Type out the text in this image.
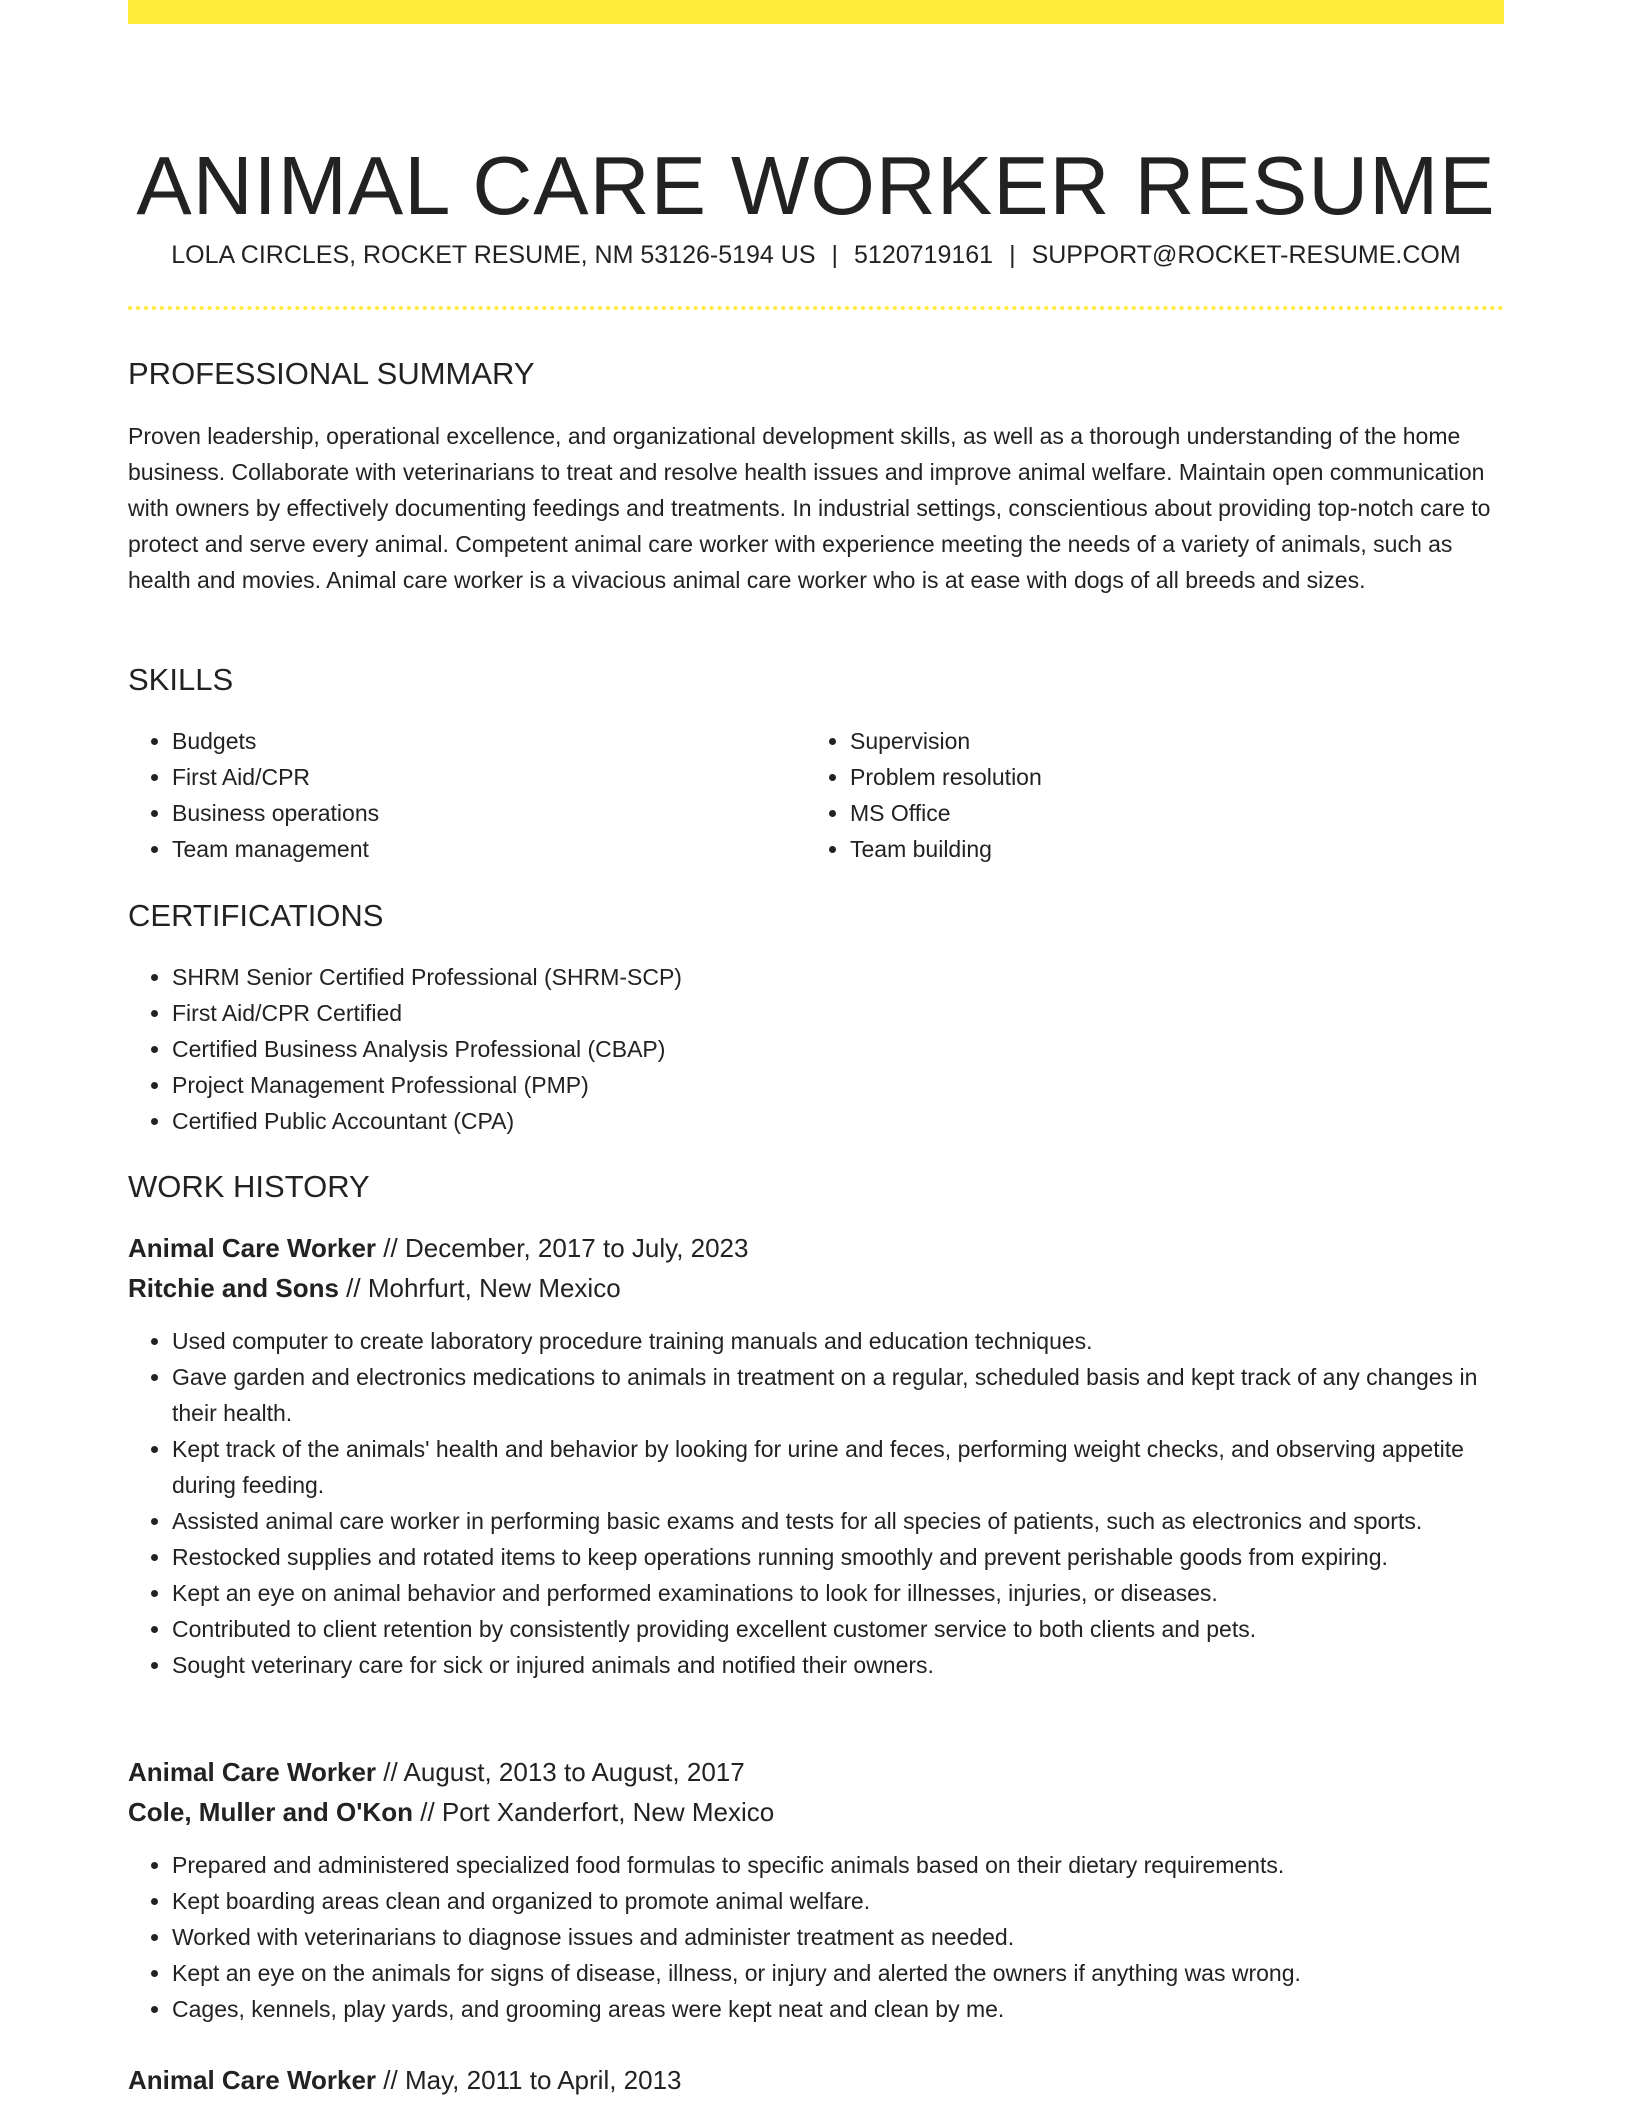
ANIMAL CARE WORKER RESUME
LOLA CIRCLES, ROCKET RESUME, NM 53126-5194 US | 5120719161 | SUPPORT@ROCKET-RESUME.COM
PROFESSIONAL SUMMARY

Proven leadership, operational excellence, and organizational development skills, as well as a thorough understanding of the home business. Collaborate with veterinarians to treat and resolve health issues and improve animal welfare. Maintain open communication with owners by effectively documenting feedings and treatments. In industrial settings, conscientious about providing top-notch care to protect and serve every animal. Competent animal care worker with experience meeting the needs of a variety of animals, such as health and movies. Animal care worker is a vivacious animal care worker who is at ease with dogs of all breeds and sizes.

SKILLS
• Budgets
• First Aid/CPR
• Business operations
• Team management
• Supervision
• Problem resolution
• MS Office
• Team building
CERTIFICATIONS
• SHRM Senior Certified Professional (SHRM-SCP)
• First Aid/CPR Certified
• Certified Business Analysis Professional (CBAP)
• Project Management Professional (PMP)
• Certified Public Accountant (CPA)
WORK HISTORY
Animal Care Worker // December, 2017 to July, 2023
Ritchie and Sons // Mohrfurt, New Mexico
• Used computer to create laboratory procedure training manuals and education techniques.
• Gave garden and electronics medications to animals in treatment on a regular, scheduled basis and kept track of any changes in their health.
• Kept track of the animals' health and behavior by looking for urine and feces, performing weight checks, and observing appetite during feeding.
• Assisted animal care worker in performing basic exams and tests for all species of patients, such as electronics and sports.
• Restocked supplies and rotated items to keep operations running smoothly and prevent perishable goods from expiring.
• Kept an eye on animal behavior and performed examinations to look for illnesses, injuries, or diseases.
• Contributed to client retention by consistently providing excellent customer service to both clients and pets.
• Sought veterinary care for sick or injured animals and notified their owners.
Animal Care Worker // August, 2013 to August, 2017
Cole, Muller and O'Kon // Port Xanderfort, New Mexico
• Prepared and administered specialized food formulas to specific animals based on their dietary requirements.
• Kept boarding areas clean and organized to promote animal welfare.
• Worked with veterinarians to diagnose issues and administer treatment as needed.
• Kept an eye on the animals for signs of disease, illness, or injury and alerted the owners if anything was wrong.
• Cages, kennels, play yards, and grooming areas were kept neat and clean by me.
Animal Care Worker // May, 2011 to April, 2013
